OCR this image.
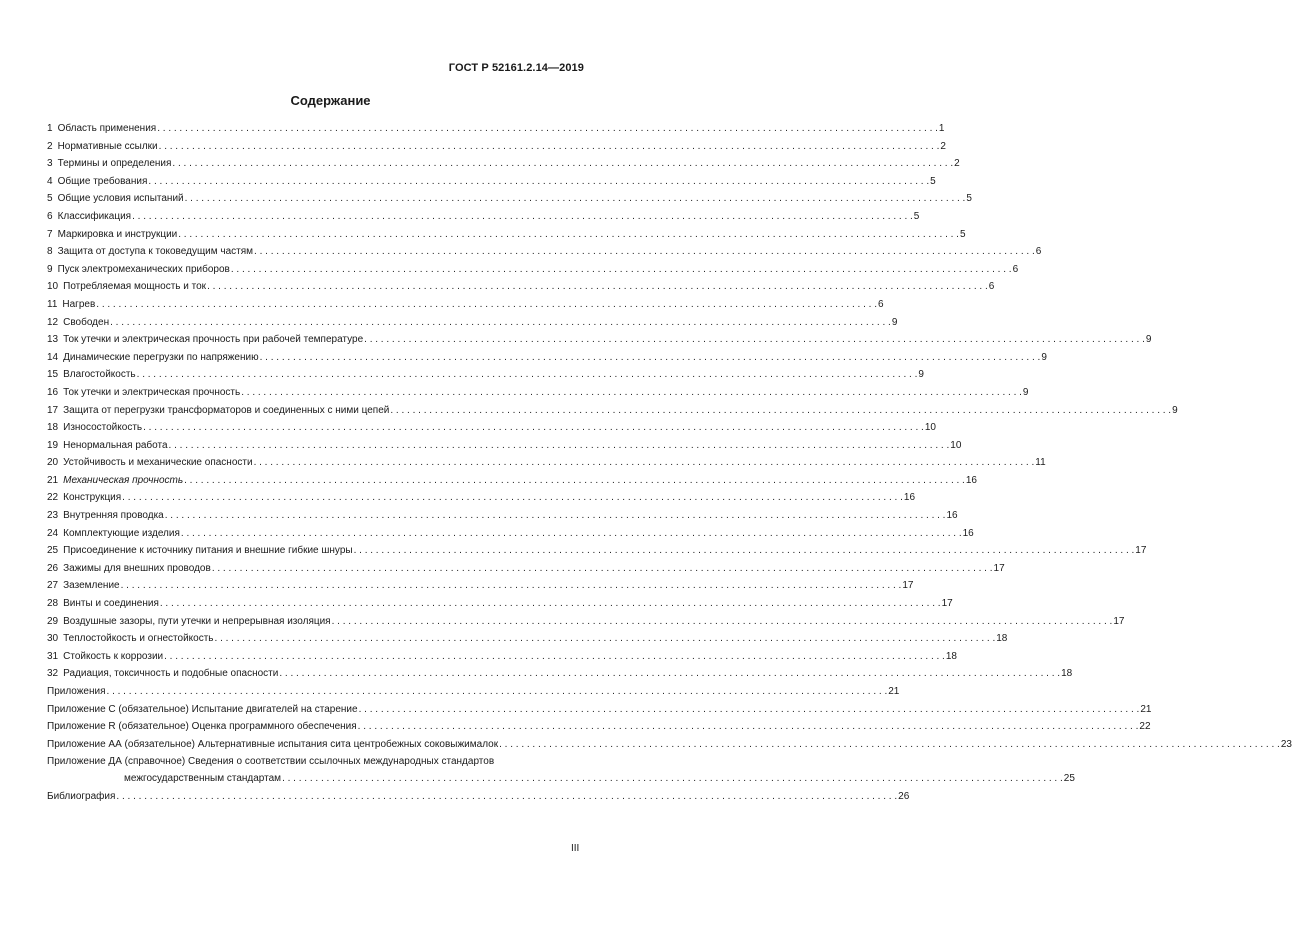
ГОСТ Р 52161.2.14—2019
Содержание
1 Область применения . . .	1
2 Нормативные ссылки . . .	2
3 Термины и определения . . .	2
4 Общие требования . . .	5
5 Общие условия испытаний . . .	5
6 Классификация . . .	5
7 Маркировка и инструкции . . .	5
8 Защита от доступа к токоведущим частям . . .	6
9 Пуск электромеханических приборов . . .	6
10 Потребляемая мощность и ток . . .	6
11 Нагрев . . .	6
12 Свободен . . .	9
13 Ток утечки и электрическая прочность при рабочей температуре . . .	9
14 Динамические перегрузки по напряжению . . .	9
15 Влагостойкость . . .	9
16 Ток утечки и электрическая прочность . . .	9
17 Защита от перегрузки трансформаторов и соединенных с ними цепей . . .	9
18 Износостойкость . . .	10
19 Ненормальная работа . . .	10
20 Устойчивость и механические опасности . . .	11
21 Механическая прочность . . .	16
22 Конструкция . . .	16
23 Внутренняя проводка . . .	16
24 Комплектующие изделия . . .	16
25 Присоединение к источнику питания и внешние гибкие шнуры . . .	17
26 Зажимы для внешних проводов . . .	17
27 Заземление . . .	17
28 Винты и соединения . . .	17
29 Воздушные зазоры, пути утечки и непрерывная изоляция . . .	17
30 Теплостойкость и огнестойкость . . .	18
31 Стойкость к коррозии . . .	18
32 Радиация, токсичность и подобные опасности . . .	18
Приложения . . .	21
Приложение С (обязательное) Испытание двигателей на старение . . .	21
Приложение R (обязательное) Оценка программного обеспечения . . .	22
Приложение АА (обязательное) Альтернативные испытания сита центробежных соковыжималок . . .	23
Приложение ДА (справочное) Сведения о соответствии ссылочных международных стандартов
межгосударственным стандартам . . .	25
Библиография . . .	26
III
